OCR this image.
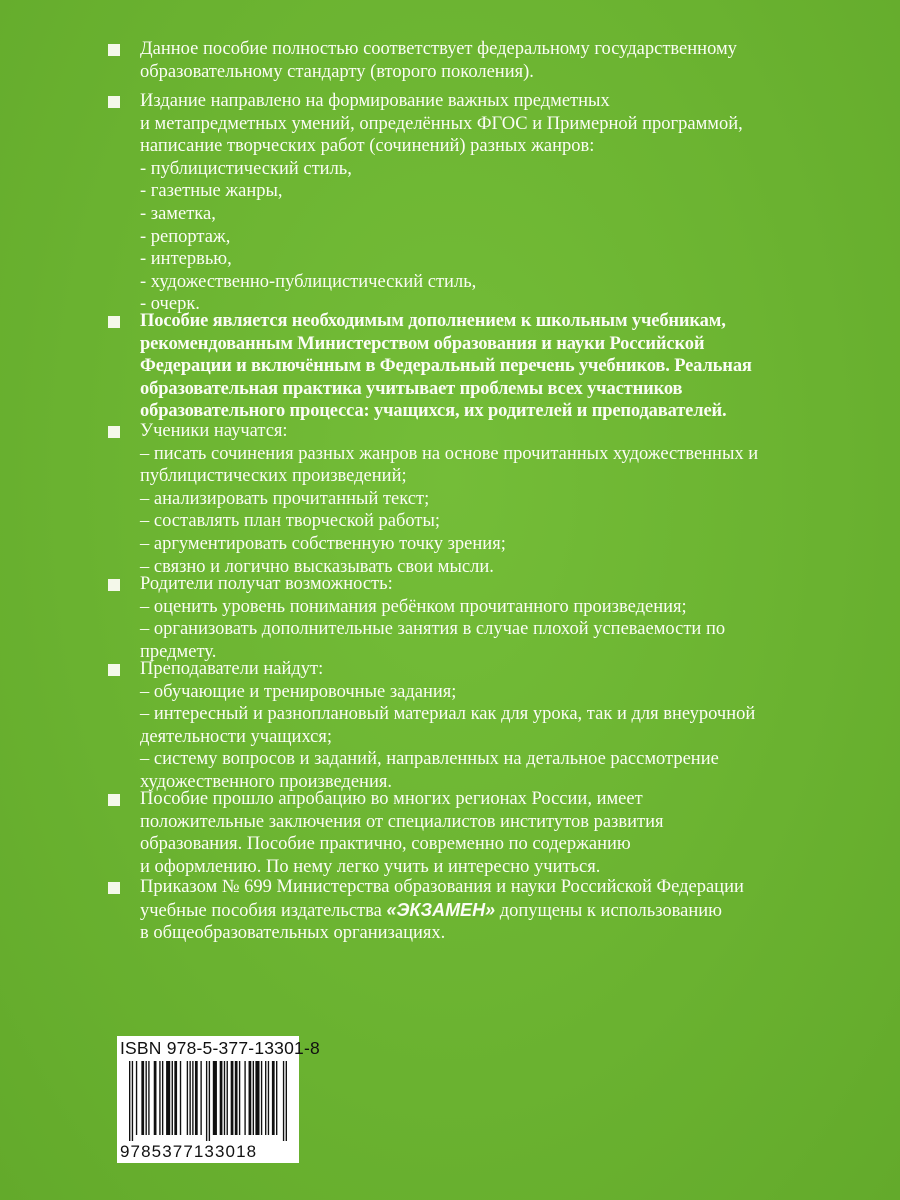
Данное пособие полностью соответствует федеральному государственному
образовательному стандарту (второго поколения).
Издание направлено на формирование важных предметных
и метапредметных умений, определённых ФГОС и Примерной программой,
написание творческих работ (сочинений) разных жанров:
- публицистический стиль,
- газетные жанры,
- заметка,
- репортаж,
- интервью,
- художественно-публицистический стиль,
- очерк.
Пособие является необходимым дополнением к школьным учебникам,
рекомендованным Министерством образования и науки Российской
Федерации и включённым в Федеральный перечень учебников. Реальная
образовательная практика учитывает проблемы всех участников
образовательного процесса: учащихся, их родителей и преподавателей.
Ученики научатся:
– писать сочинения разных жанров на основе прочитанных художественных и
публицистических произведений;
– анализировать прочитанный текст;
– составлять план творческой работы;
– аргументировать собственную точку зрения;
– связно и логично высказывать свои мысли.
Родители получат возможность:
– оценить уровень понимания ребёнком прочитанного произведения;
– организовать дополнительные занятия в случае плохой успеваемости по
предмету.
Преподаватели найдут:
– обучающие и тренировочные задания;
– интересный и разноплановый материал как для урока, так и для внеурочной
деятельности учащихся;
– систему вопросов и заданий, направленных на детальное рассмотрение
художественного произведения.
Пособие прошло апробацию во многих регионах России, имеет
положительные заключения от специалистов институтов развития
образования. Пособие практично, современно по содержанию
и оформлению. По нему легко учить и интересно учиться.
Приказом № 699 Министерства образования и науки Российской Федерации
учебные пособия издательства «ЭКЗАМЕН» допущены к использованию
в общеобразовательных организациях.
ISBN 978-5-377-13301-8
9785377133018
